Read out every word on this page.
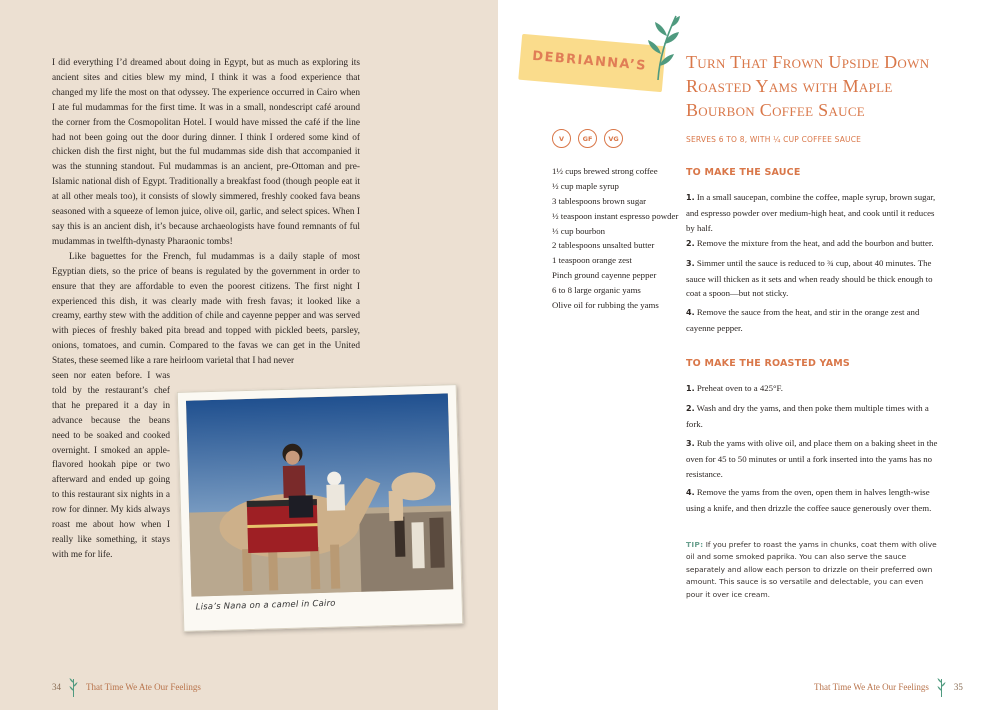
I did everything I’d dreamed about doing in Egypt, but as much as exploring its ancient sites and cities blew my mind, I think it was a food experience that changed my life the most on that odyssey. The experience occurred in Cairo when I ate ful mudammas for the first time. It was in a small, nondescript café around the corner from the Cosmopolitan Hotel. I would have missed the café if the line had not been going out the door during dinner. I think I ordered some kind of chicken dish the first night, but the ful mudammas side dish that accompanied it was the stunning standout. Ful mudammas is an ancient, pre-Ottoman and pre-Islamic national dish of Egypt. Traditionally a breakfast food (though people eat it at all other meals too), it consists of slowly simmered, freshly cooked fava beans seasoned with a squeeze of lemon juice, olive oil, garlic, and select spices. When I say this is an ancient dish, it’s because archaeologists have found remnants of ful mudammas in twelfth-dynasty Pharaonic tombs!

Like baguettes for the French, ful mudammas is a daily staple of most Egyptian diets, so the price of beans is regulated by the government in order to ensure that they are affordable to even the poorest citizens. The first night I experienced this dish, it was clearly made with fresh favas; it looked like a creamy, earthy stew with the addition of chile and cayenne pepper and was served with pieces of freshly baked pita bread and topped with pickled beets, parsley, onions, tomatoes, and cumin. Compared to the favas we can get in the United States, these seemed like a rare heirloom varietal that I had never

seen nor eaten before. I was told by the restaurant’s chef that he prepared it a day in advance because the beans need to be soaked and cooked overnight. I smoked an apple-flavored hookah pipe or two afterward and ended up going to this restaurant six nights in a row for dinner. My kids always roast me about how when I really like something, it stays with me for life.

Lisa’s Nana on a camel in Cairo
34	That Time We Ate Our Feelings
DEBRIANNA’S Turn That Frown Upside Down Roasted Yams with Maple Bourbon Coffee Sauce
V	GF	VG	SERVES 6 TO 8, WITH ¼ CUP COFFEE SAUCE
1½ cups brewed strong coffee
½ cup maple syrup
3 tablespoons brown sugar
½ teaspoon instant espresso powder
⅓ cup bourbon
2 tablespoons unsalted butter
1 teaspoon orange zest
Pinch ground cayenne pepper
6 to 8 large organic yams
Olive oil for rubbing the yams
TO MAKE THE SAUCE
1. In a small saucepan, combine the coffee, maple syrup, brown sugar, and espresso powder over medium-high heat, and cook until it reduces by half.
2. Remove the mixture from the heat, and add the bourbon and butter.
3. Simmer until the sauce is reduced to ¾ cup, about 40 minutes. The sauce will thicken as it sets and when ready should be thick enough to coat a spoon—but not sticky.
4. Remove the sauce from the heat, and stir in the orange zest and cayenne pepper.
TO MAKE THE ROASTED YAMS
1. Preheat oven to a 425°F.
2. Wash and dry the yams, and then poke them multiple times with a fork.
3. Rub the yams with olive oil, and place them on a baking sheet in the oven for 45 to 50 minutes or until a fork inserted into the yams has no resistance.
4. Remove the yams from the oven, open them in halves length-wise using a knife, and then drizzle the coffee sauce generously over them.
TIP: If you prefer to roast the yams in chunks, coat them with olive oil and some smoked paprika. You can also serve the sauce separately and allow each person to drizzle on their preferred own amount. This sauce is so versatile and delectable, you can even pour it over ice cream.
That Time We Ate Our Feelings	35
